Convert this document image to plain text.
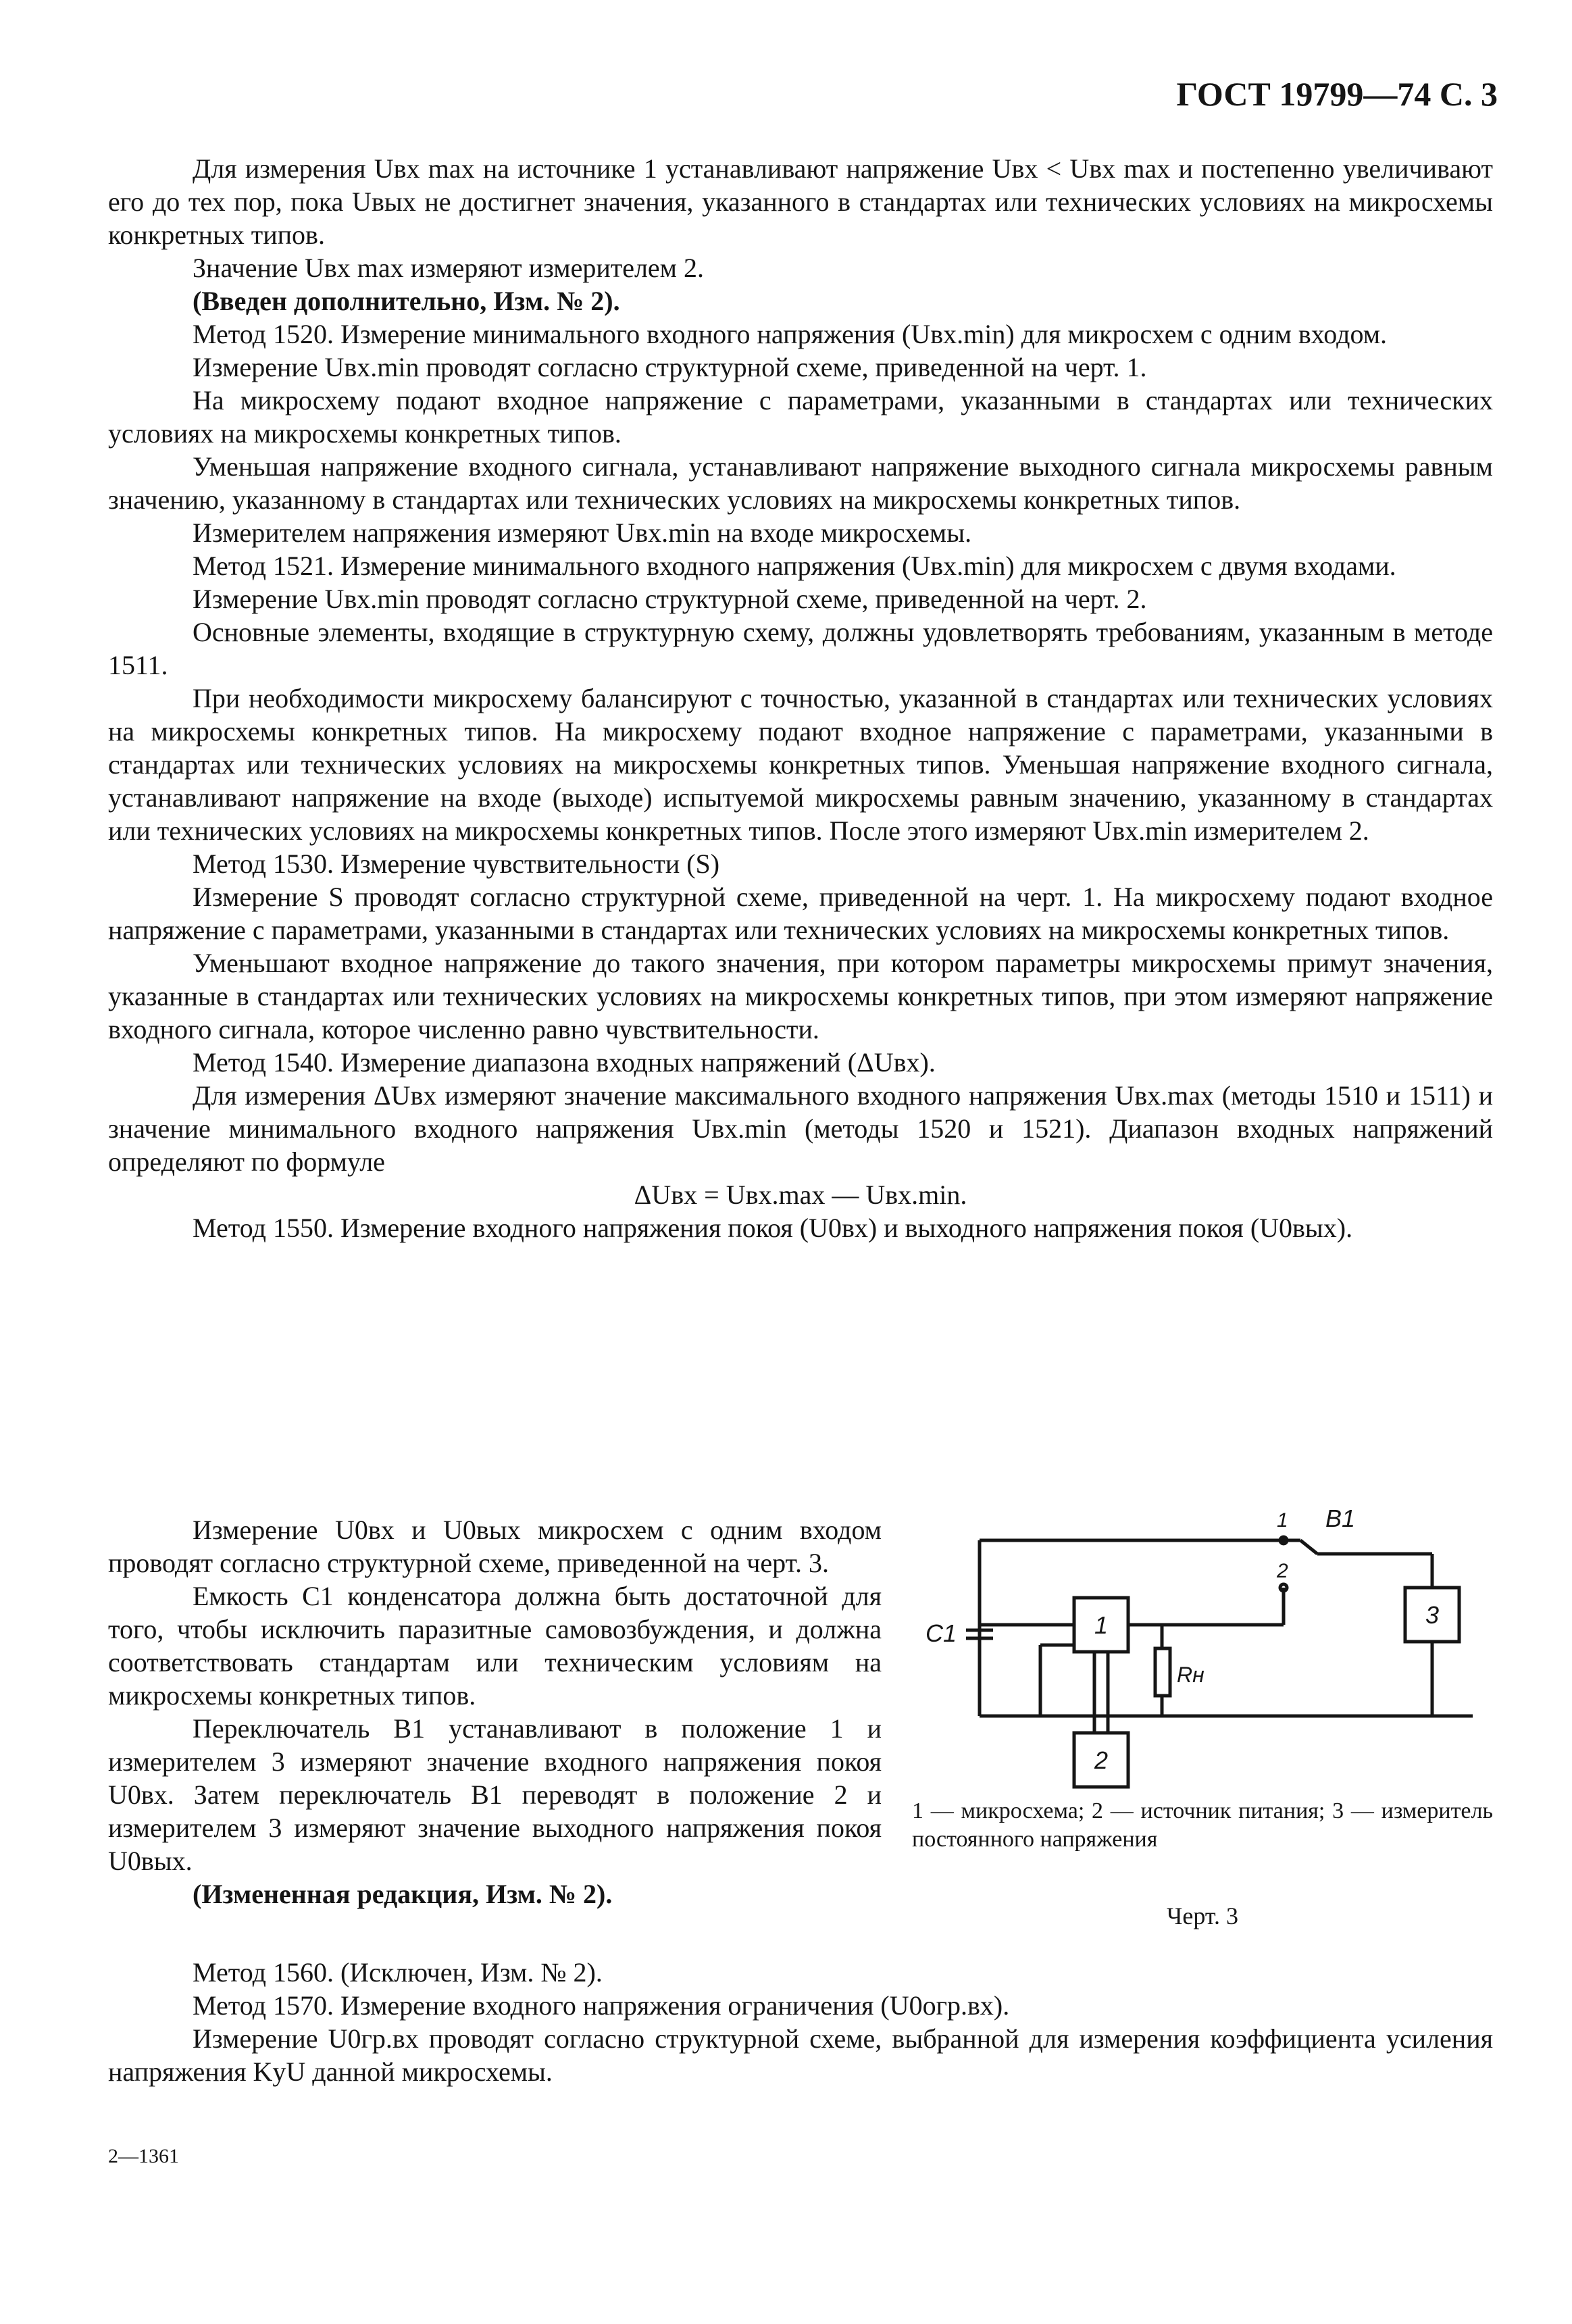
ГОСТ 19799—74 С. 3

Для измерения Uвх max на источнике 1 устанавливают напряжение Uвх < Uвх max и постепенно увеличивают его до тех пор, пока Uвых не достигнет значения, указанного в стандартах или технических условиях на микросхемы конкретных типов.

Значение Uвх max измеряют измерителем 2.

(Введен дополнительно, Изм. № 2).

Метод 1520. Измерение минимального входного напряжения (Uвх.min) для микросхем с одним входом.

Измерение Uвх.min проводят согласно структурной схеме, приведенной на черт. 1.

На микросхему подают входное напряжение с параметрами, указанными в стандартах или технических условиях на микросхемы конкретных типов.

Уменьшая напряжение входного сигнала, устанавливают напряжение выходного сигнала микросхемы равным значению, указанному в стандартах или технических условиях на микросхемы конкретных типов.

Измерителем напряжения измеряют Uвх.min на входе микросхемы.

Метод 1521. Измерение минимального входного напряжения (Uвх.min) для микросхем с двумя входами.

Измерение Uвх.min проводят согласно структурной схеме, приведенной на черт. 2.

Основные элементы, входящие в структурную схему, должны удовлетворять требованиям, указанным в методе 1511.

При необходимости микросхему балансируют с точностью, указанной в стандартах или технических условиях на микросхемы конкретных типов. На микросхему подают входное напряжение с параметрами, указанными в стандартах или технических условиях на микросхемы конкретных типов. Уменьшая напряжение входного сигнала, устанавливают напряжение на входе (выходе) испытуемой микросхемы равным значению, указанному в стандартах или технических условиях на микросхемы конкретных типов. После этого измеряют Uвх.min измерителем 2.

Метод 1530. Измерение чувствительности (S)

Измерение S проводят согласно структурной схеме, приведенной на черт. 1. На микросхему подают входное напряжение с параметрами, указанными в стандартах или технических условиях на микросхемы конкретных типов.

Уменьшают входное напряжение до такого значения, при котором параметры микросхемы примут значения, указанные в стандартах или технических условиях на микросхемы конкретных типов, при этом измеряют напряжение входного сигнала, которое численно равно чувствительности.

Метод 1540. Измерение диапазона входных напряжений (ΔUвх).

Для измерения ΔUвх измеряют значение максимального входного напряжения Uвх.max (методы 1510 и 1511) и значение минимального входного напряжения Uвх.min (методы 1520 и 1521). Диапазон входных напряжений определяют по формуле

ΔUвх = Uвх.max — Uвх.min.

Метод 1550. Измерение входного напряжения покоя (U0вх) и выходного напряжения покоя (U0вых).

Измерение U0вх и U0вых микросхем с одним входом проводят согласно структурной схеме, приведенной на черт. 3.

Емкость C1 конденсатора должна быть достаточной для того, чтобы исключить паразитные самовозбуждения, и должна соответствовать стандартам или техническим условиям на микросхемы конкретных типов.

Переключатель B1 устанавливают в положение 1 и измерителем 3 измеряют значение входного напряжения покоя U0вх. Затем переключатель B1 переводят в положение 2 и измерителем 3 измеряют значение выходного напряжения покоя U0вых.

(Измененная редакция, Изм. № 2).

Метод 1560. (Исключен, Изм. № 2).

Метод 1570. Измерение входного напряжения ограничения (U0огр.вх).

Измерение U0гр.вх проводят согласно структурной схеме, выбранной для измерения коэффициента усиления напряжения KyU данной микросхемы.

C1
B1
1
2
1
2
3
Rн
1 — микросхема; 2 — источник питания; 3 — измеритель постоянного напряжения
Черт. 3
2—1361
